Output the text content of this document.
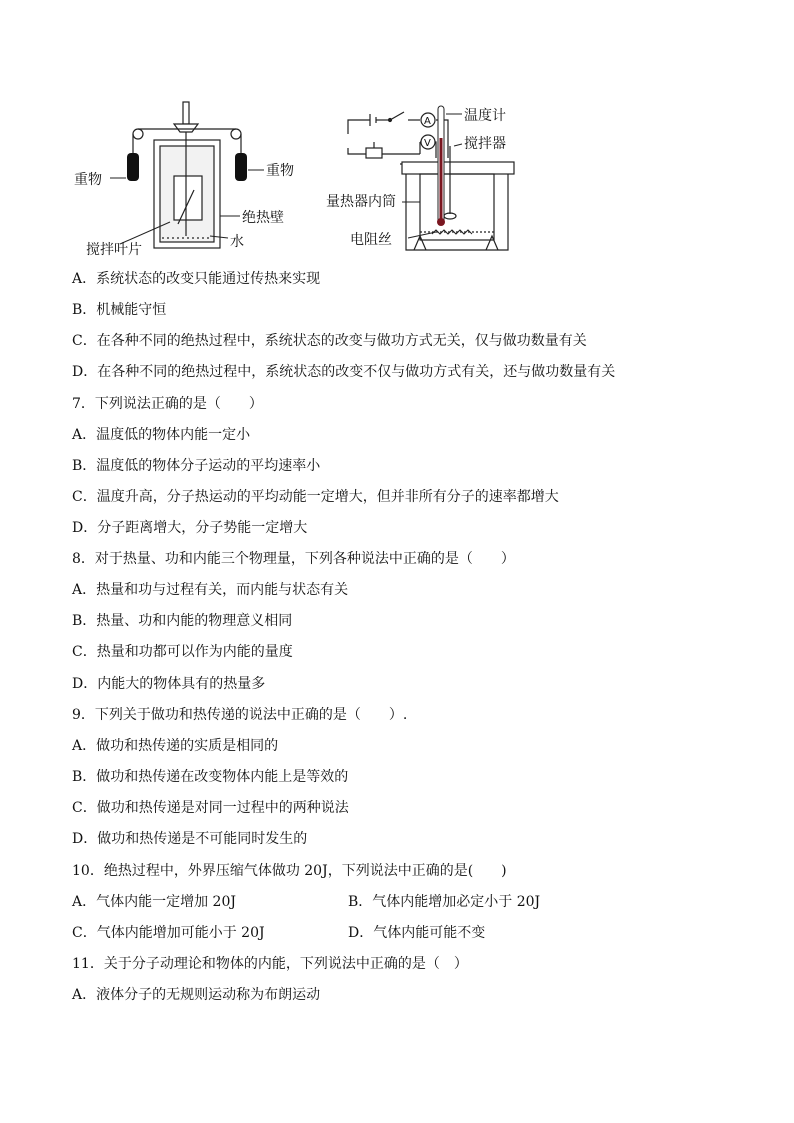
重物
重物
绝热壁
水
搅拌叶片
A
V
温度计
搅拌器
量热器内筒
电阻丝
A．系统状态的改变只能通过传热来实现
B．机械能守恒
C．在各种不同的绝热过程中，系统状态的改变与做功方式无关，仅与做功数量有关
D．在各种不同的绝热过程中，系统状态的改变不仅与做功方式有关，还与做功数量有关
7．下列说法正确的是（　　）
A．温度低的物体内能一定小
B．温度低的物体分子运动的平均速率小
C．温度升高，分子热运动的平均动能一定增大，但并非所有分子的速率都增大
D．分子距离增大，分子势能一定增大
8．对于热量、功和内能三个物理量，下列各种说法中正确的是（　　）
A．热量和功与过程有关，而内能与状态有关
B．热量、功和内能的物理意义相同
C．热量和功都可以作为内能的量度
D．内能大的物体具有的热量多
9．下列关于做功和热传递的说法中正确的是（　　）.
A．做功和热传递的实质是相同的
B．做功和热传递在改变物体内能上是等效的
C．做功和热传递是对同一过程中的两种说法
D．做功和热传递是不可能同时发生的
10．绝热过程中，外界压缩气体做功 20J，下列说法中正确的是(　　)
A．气体内能一定增加 20J	B．气体内能增加必定小于 20J
C．气体内能增加可能小于 20J	D．气体内能可能不变
11．关于分子动理论和物体的内能，下列说法中正确的是（　）
A．液体分子的无规则运动称为布朗运动
